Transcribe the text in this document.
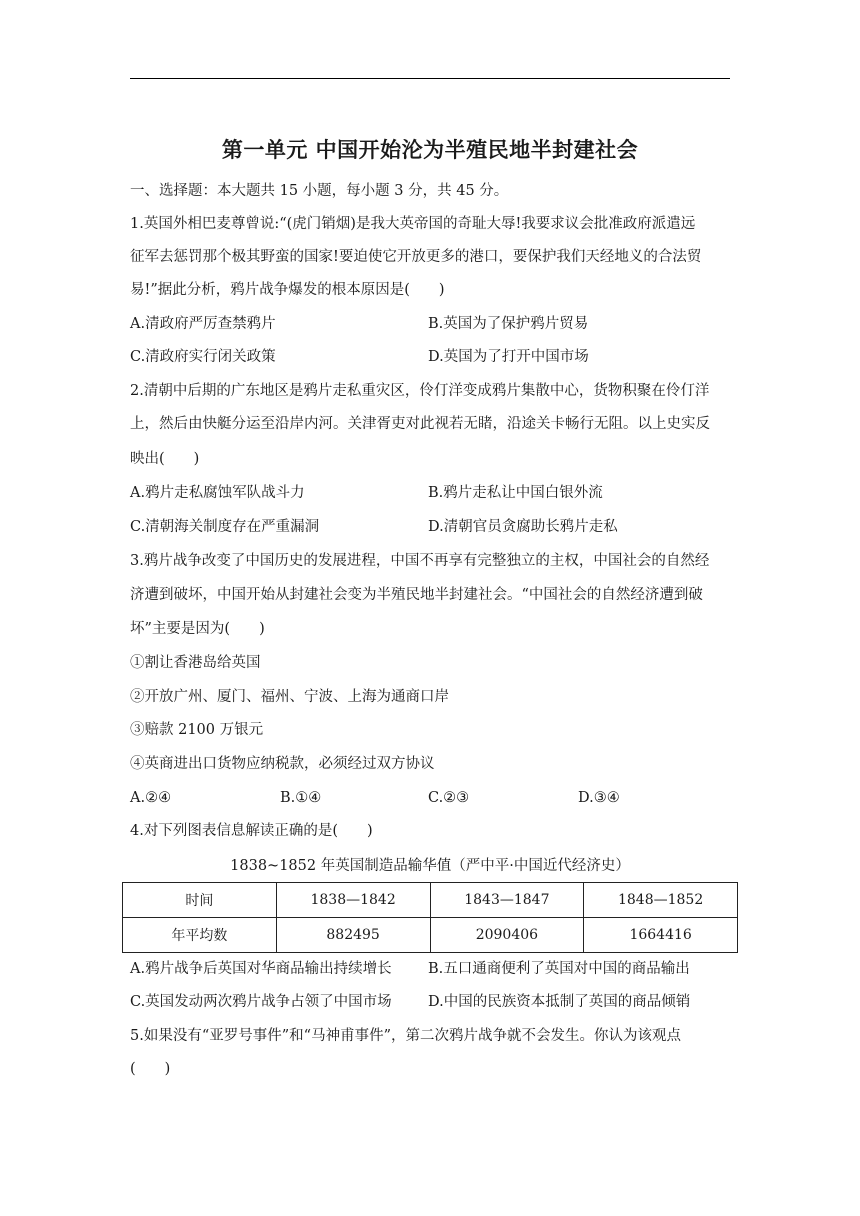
第一单元 中国开始沦为半殖民地半封建社会
一、选择题：本大题共 15 小题，每小题 3 分，共 45 分。
1.英国外相巴麦尊曾说:“(虎门销烟)是我大英帝国的奇耻大辱!我要求议会批准政府派遣远
征军去惩罚那个极其野蛮的国家!要迫使它开放更多的港口，要保护我们天经地义的合法贸
易!”据此分析，鸦片战争爆发的根本原因是(　　)
A.清政府严厉查禁鸦片	B.英国为了保护鸦片贸易
C.清政府实行闭关政策	D.英国为了打开中国市场
2.清朝中后期的广东地区是鸦片走私重灾区，伶仃洋变成鸦片集散中心，货物积聚在伶仃洋
上，然后由快艇分运至沿岸内河。关津胥吏对此视若无睹，沿途关卡畅行无阻。以上史实反
映出(　　)
A.鸦片走私腐蚀军队战斗力	B.鸦片走私让中国白银外流
C.清朝海关制度存在严重漏洞	D.清朝官员贪腐助长鸦片走私
3.鸦片战争改变了中国历史的发展进程，中国不再享有完整独立的主权，中国社会的自然经
济遭到破坏，中国开始从封建社会变为半殖民地半封建社会。“中国社会的自然经济遭到破
坏”主要是因为(　　)
①割让香港岛给英国
②开放广州、厦门、福州、宁波、上海为通商口岸
③赔款 2100 万银元
④英商进出口货物应纳税款，必须经过双方协议
A.②④	B.①④	C.②③	D.③④
4.对下列图表信息解读正确的是(　　)
1838~1852 年英国制造品输华值（严中平·中国近代经济史）
时间	1838—1842	1843—1847	1848—1852
年平均数	882495	2090406	1664416
A.鸦片战争后英国对华商品输出持续增长	B.五口通商便利了英国对中国的商品输出
C.英国发动两次鸦片战争占领了中国市场	D.中国的民族资本抵制了英国的商品倾销
5.如果没有“亚罗号事件”和“马神甫事件”，第二次鸦片战争就不会发生。你认为该观点
(　　)
